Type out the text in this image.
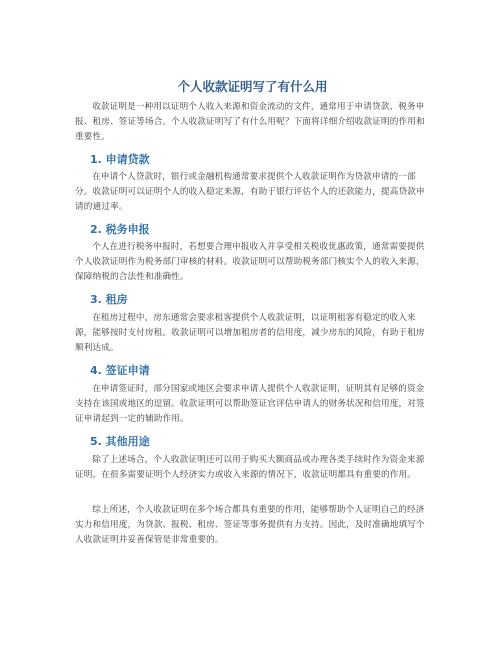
个人收款证明写了有什么用

收款证明是一种用以证明个人收入来源和资金流动的文件，通常用于申请贷款、税务申报、租房、签证等场合。个人收款证明写了有什么用呢？下面将详细介绍收款证明的作用和重要性。

1. 申请贷款

在申请个人贷款时，银行或金融机构通常要求提供个人收款证明作为贷款申请的一部分。收款证明可以证明个人的收入稳定来源，有助于银行评估个人的还款能力，提高贷款申请的通过率。

2. 税务申报

个人在进行税务申报时，若想要合理申报收入并享受相关税收优惠政策，通常需要提供个人收款证明作为税务部门审核的材料。收款证明可以帮助税务部门核实个人的收入来源，保障纳税的合法性和准确性。

3. 租房

在租房过程中，房东通常会要求租客提供个人收款证明，以证明租客有稳定的收入来源，能够按时支付房租。收款证明可以增加租房者的信用度，减少房东的风险，有助于租房顺利达成。

4. 签证申请

在申请签证时，部分国家或地区会要求申请人提供个人收款证明，证明其有足够的资金支持在该国或地区的逗留。收款证明可以帮助签证官评估申请人的财务状况和信用度，对签证申请起到一定的辅助作用。

5. 其他用途

除了上述场合，个人收款证明还可以用于购买大额商品或办理各类手续时作为资金来源证明。在很多需要证明个人经济实力或收入来源的情况下，收款证明都具有重要的作用。

综上所述，个人收款证明在多个场合都具有重要的作用，能够帮助个人证明自己的经济实力和信用度，为贷款、报税、租房、签证等事务提供有力支持。因此，及时准确地填写个人收款证明并妥善保管是非常重要的。
